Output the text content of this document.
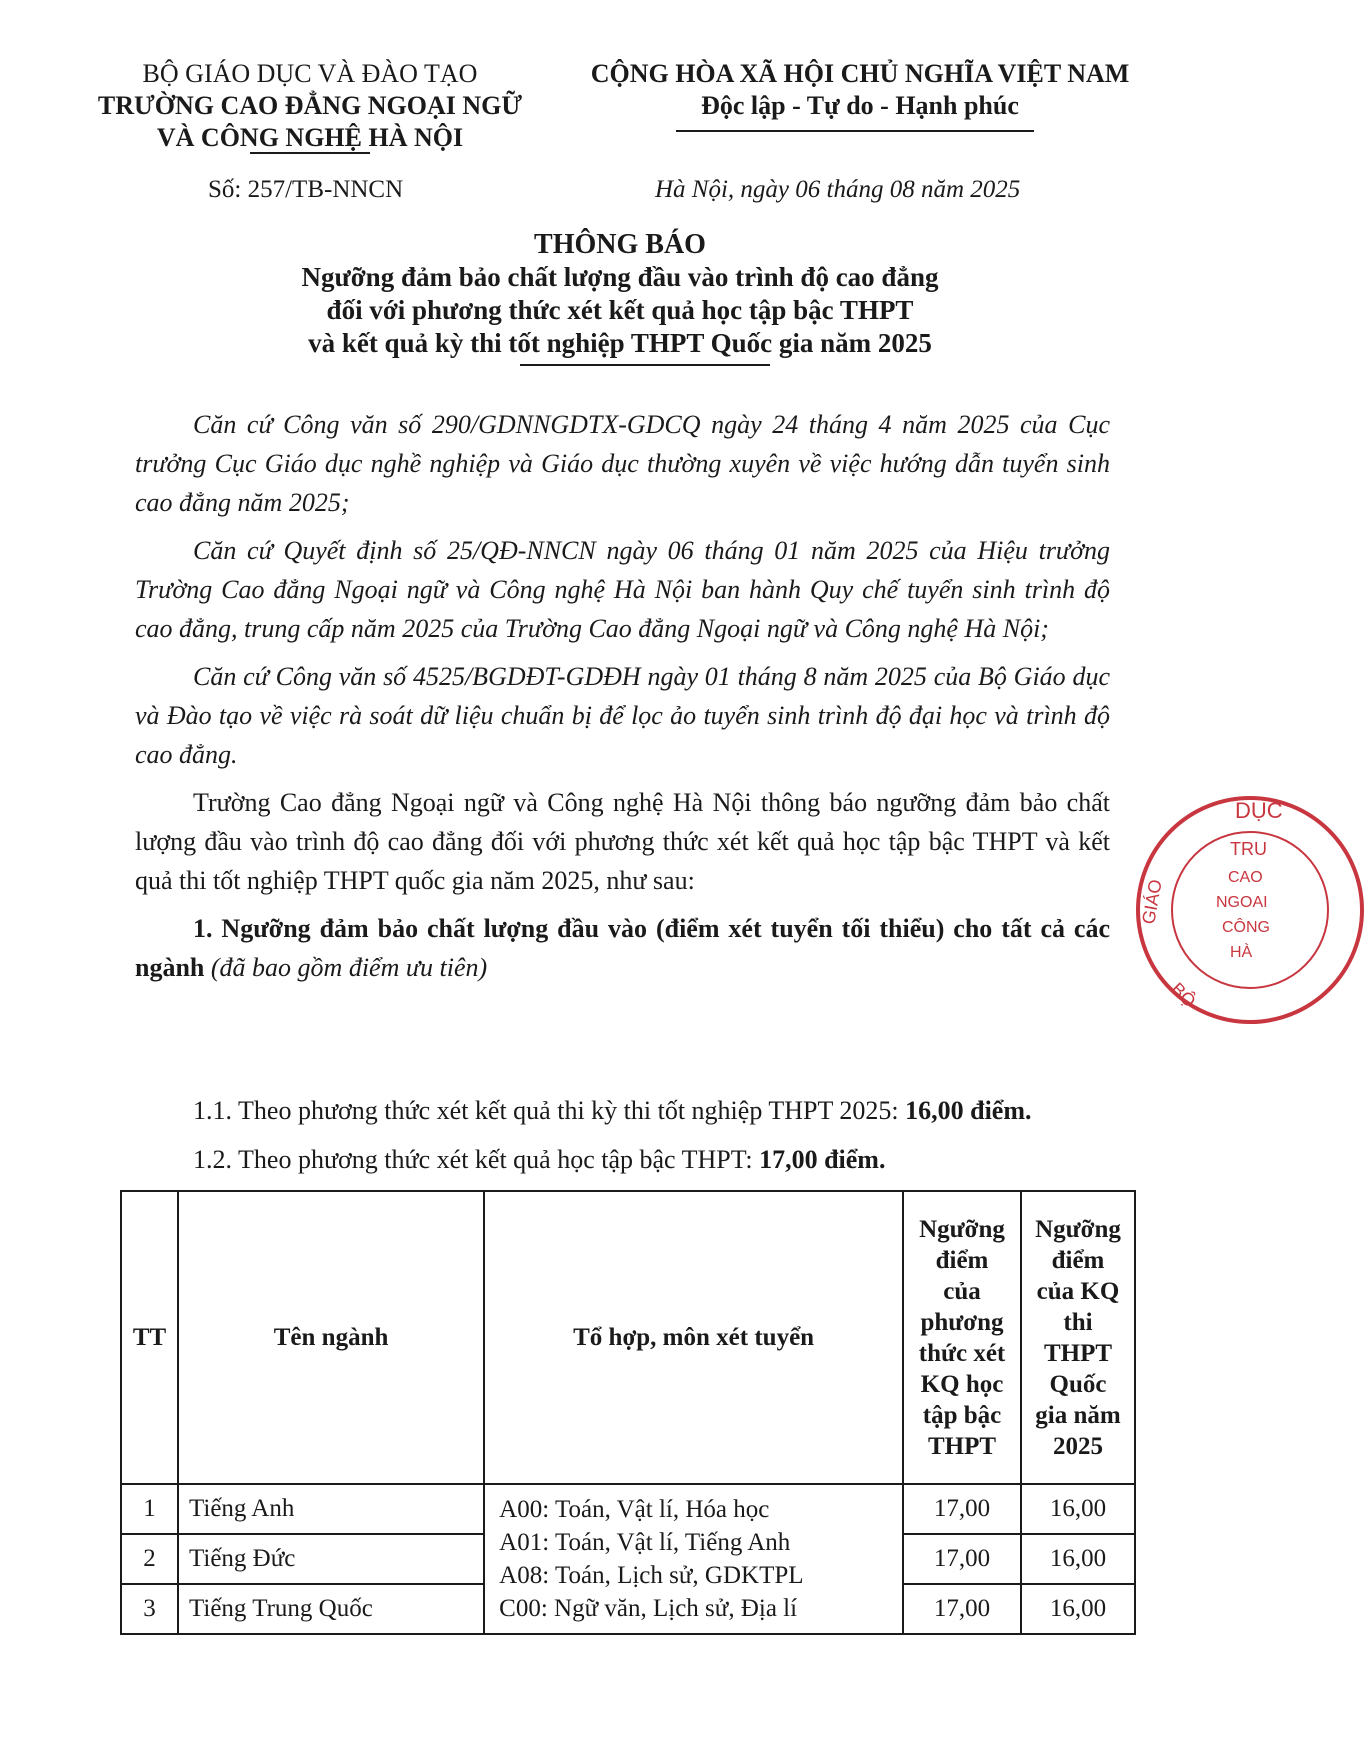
BỘ GIÁO DỤC VÀ ĐÀO TẠO
TRƯỜNG CAO ĐẲNG NGOẠI NGỮ
VÀ CÔNG NGHỆ HÀ NỘI
CỘNG HÒA XÃ HỘI CHỦ NGHĨA VIỆT NAM
Độc lập - Tự do - Hạnh phúc
Số: 257/TB-NNCN	Hà Nội, ngày 06 tháng 08 năm 2025
THÔNG BÁO
Ngưỡng đảm bảo chất lượng đầu vào trình độ cao đẳng
đối với phương thức xét kết quả học tập bậc THPT
và kết quả kỳ thi tốt nghiệp THPT Quốc gia năm 2025

Căn cứ Công văn số 290/GDNNGDTX-GDCQ ngày 24 tháng 4 năm 2025 của Cục trưởng Cục Giáo dục nghề nghiệp và Giáo dục thường xuyên về việc hướng dẫn tuyển sinh cao đẳng năm 2025;

Căn cứ Quyết định số 25/QĐ-NNCN ngày 06 tháng 01 năm 2025 của Hiệu trưởng Trường Cao đẳng Ngoại ngữ và Công nghệ Hà Nội ban hành Quy chế tuyển sinh trình độ cao đẳng, trung cấp năm 2025 của Trường Cao đẳng Ngoại ngữ và Công nghệ Hà Nội;

Căn cứ Công văn số 4525/BGDĐT-GDĐH ngày 01 tháng 8 năm 2025 của Bộ Giáo dục và Đào tạo về việc rà soát dữ liệu chuẩn bị để lọc ảo tuyển sinh trình độ đại học và trình độ cao đẳng.

Trường Cao đẳng Ngoại ngữ và Công nghệ Hà Nội thông báo ngưỡng đảm bảo chất lượng đầu vào trình độ cao đẳng đối với phương thức xét kết quả học tập bậc THPT và kết quả thi tốt nghiệp THPT quốc gia năm 2025, như sau:

1. Ngưỡng đảm bảo chất lượng đầu vào (điểm xét tuyển tối thiểu) cho tất cả các ngành (đã bao gồm điểm ưu tiên)

1.1. Theo phương thức xét kết quả thi kỳ thi tốt nghiệp THPT 2025: 16,00 điểm.
1.2. Theo phương thức xét kết quả học tập bậc THPT: 17,00 điểm.
TT	Tên ngành	Tổ hợp, môn xét tuyển	Ngưỡng điểm của phương thức xét KQ học tập bậc THPT	Ngưỡng điểm của KQ thi THPT Quốc gia năm 2025
1	Tiếng Anh	A00: Toán, Vật lí, Hóa học
A01: Toán, Vật lí, Tiếng Anh
A08: Toán, Lịch sử, GDKTPL
C00: Ngữ văn, Lịch sử, Địa lí	17,00	16,00
2	Tiếng Đức		17,00	16,00
3	Tiếng Trung Quốc		17,00	16,00
DỤC
GIÁO
BỘ
TRU
CAO
NGOAI
CÔNG
HÀ
